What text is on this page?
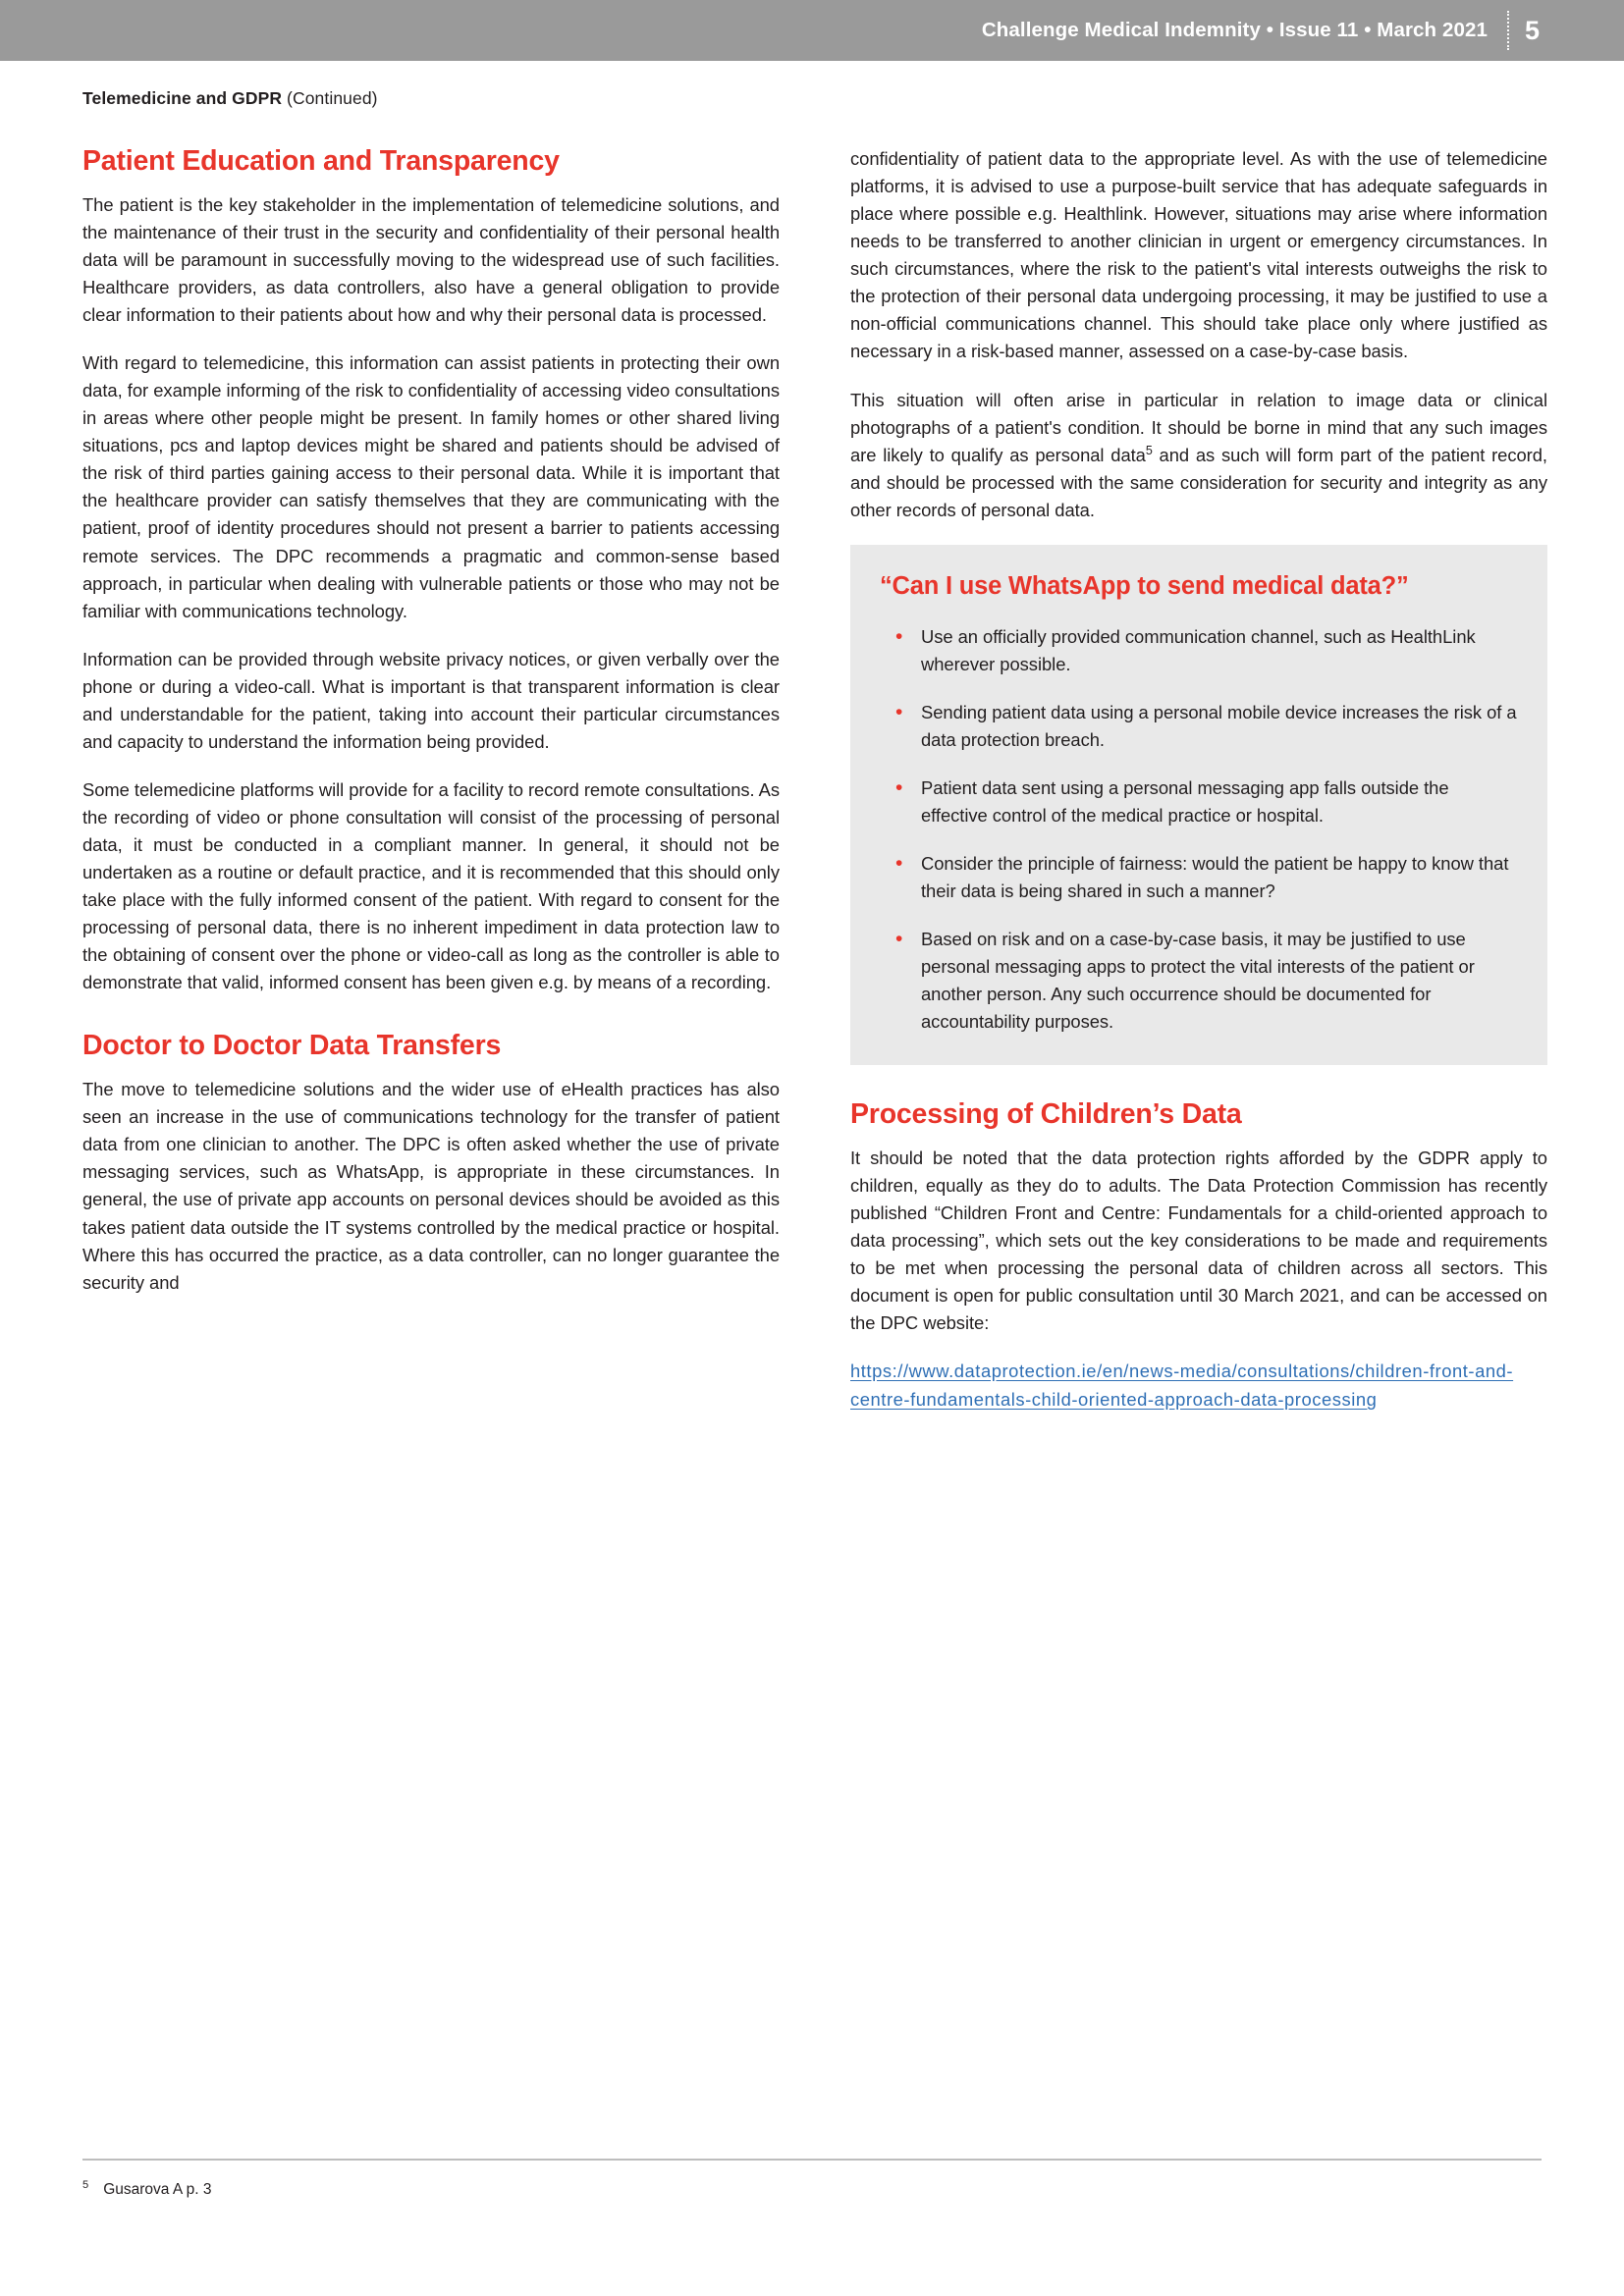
Challenge Medical Indemnity • Issue 11 • March 2021 5
Telemedicine and GDPR (Continued)
Patient Education and Transparency

The patient is the key stakeholder in the implementation of telemedicine solutions, and the maintenance of their trust in the security and confidentiality of their personal health data will be paramount in successfully moving to the widespread use of such facilities. Healthcare providers, as data controllers, also have a general obligation to provide clear information to their patients about how and why their personal data is processed.

With regard to telemedicine, this information can assist patients in protecting their own data, for example informing of the risk to confidentiality of accessing video consultations in areas where other people might be present. In family homes or other shared living situations, pcs and laptop devices might be shared and patients should be advised of the risk of third parties gaining access to their personal data. While it is important that the healthcare provider can satisfy themselves that they are communicating with the patient, proof of identity procedures should not present a barrier to patients accessing remote services. The DPC recommends a pragmatic and common-sense based approach, in particular when dealing with vulnerable patients or those who may not be familiar with communications technology.

Information can be provided through website privacy notices, or given verbally over the phone or during a video-call. What is important is that transparent information is clear and understandable for the patient, taking into account their particular circumstances and capacity to understand the information being provided.

Some telemedicine platforms will provide for a facility to record remote consultations. As the recording of video or phone consultation will consist of the processing of personal data, it must be conducted in a compliant manner. In general, it should not be undertaken as a routine or default practice, and it is recommended that this should only take place with the fully informed consent of the patient. With regard to consent for the processing of personal data, there is no inherent impediment in data protection law to the obtaining of consent over the phone or video-call as long as the controller is able to demonstrate that valid, informed consent has been given e.g. by means of a recording.

Doctor to Doctor Data Transfers

The move to telemedicine solutions and the wider use of eHealth practices has also seen an increase in the use of communications technology for the transfer of patient data from one clinician to another. The DPC is often asked whether the use of private messaging services, such as WhatsApp, is appropriate in these circumstances. In general, the use of private app accounts on personal devices should be avoided as this takes patient data outside the IT systems controlled by the medical practice or hospital. Where this has occurred the practice, as a data controller, can no longer guarantee the security and

confidentiality of patient data to the appropriate level. As with the use of telemedicine platforms, it is advised to use a purpose-built service that has adequate safeguards in place where possible e.g. Healthlink. However, situations may arise where information needs to be transferred to another clinician in urgent or emergency circumstances. In such circumstances, where the risk to the patient's vital interests outweighs the risk to the protection of their personal data undergoing processing, it may be justified to use a non-official communications channel. This should take place only where justified as necessary in a risk-based manner, assessed on a case-by-case basis.

This situation will often arise in particular in relation to image data or clinical photographs of a patient's condition. It should be borne in mind that any such images are likely to qualify as personal data$^5$ and as such will form part of the patient record, and should be processed with the same consideration for security and integrity as any other records of personal data.

“Can I use WhatsApp to send medical data?”
• Use an officially provided communication channel, such as HealthLink wherever possible.
• Sending patient data using a personal mobile device increases the risk of a data protection breach.
• Patient data sent using a personal messaging app falls outside the effective control of the medical practice or hospital.
• Consider the principle of fairness: would the patient be happy to know that their data is being shared in such a manner?
• Based on risk and on a case-by-case basis, it may be justified to use personal messaging apps to protect the vital interests of the patient or another person. Any such occurrence should be documented for accountability purposes.
Processing of Children’s Data

It should be noted that the data protection rights afforded by the GDPR apply to children, equally as they do to adults. The Data Protection Commission has recently published “Children Front and Centre: Fundamentals for a child-oriented approach to data processing”, which sets out the key considerations to be made and requirements to be met when processing the personal data of children across all sectors. This document is open for public consultation until 30 March 2021, and can be accessed on the DPC website:

https://www.dataprotection.ie/en/news-media/consultations/children-front-and-centre-fundamentals-child-oriented-approach-data-processing
$^5$ Gusarova A p. 3
